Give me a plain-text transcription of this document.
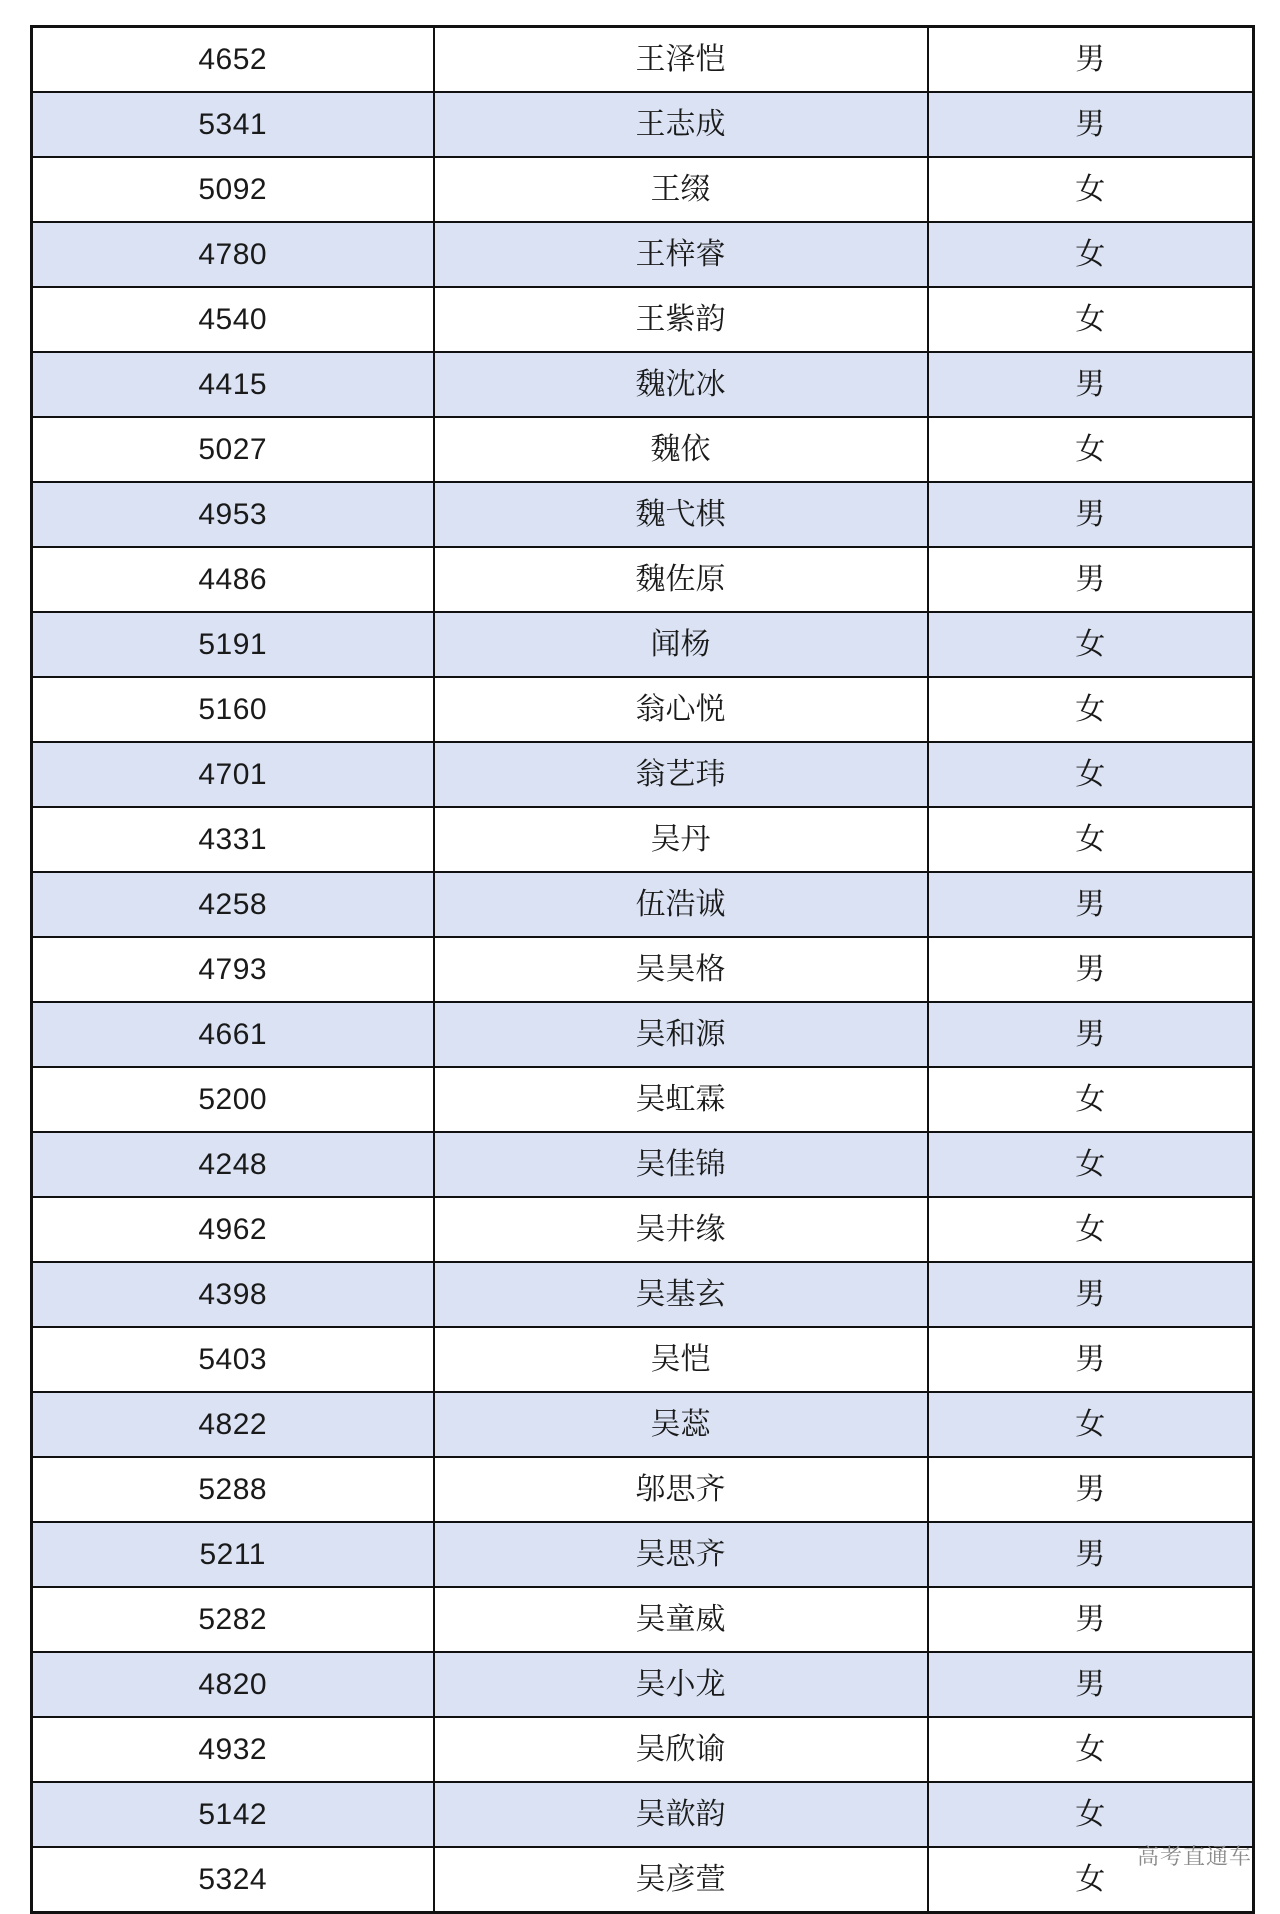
4652	王泽恺	男
5341	王志成	男
5092	王缀	女
4780	王梓睿	女
4540	王紫韵	女
4415	魏沈冰	男
5027	魏依	女
4953	魏弋棋	男
4486	魏佐原	男
5191	闻杨	女
5160	翁心悦	女
4701	翁艺玮	女
4331	吴丹	女
4258	伍浩诚	男
4793	吴昊格	男
4661	吴和源	男
5200	吴虹霖	女
4248	吴佳锦	女
4962	吴井缘	女
4398	吴基玄	男
5403	吴恺	男
4822	吴蕊	女
5288	邬思齐	男
5211	吴思齐	男
5282	吴童威	男
4820	吴小龙	男
4932	吴欣谕	女
5142	吴歆韵	女
5324	吴彦萱	女
高考直通车
